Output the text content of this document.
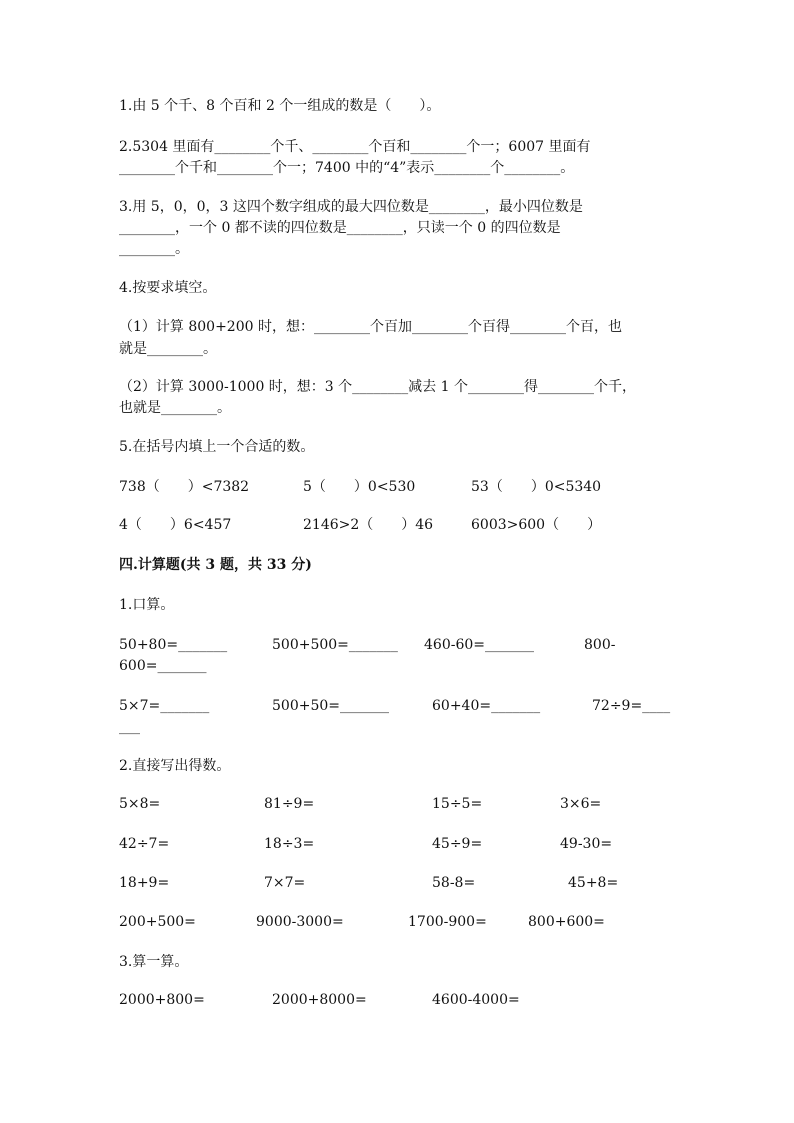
1.由 5 个千、8 个百和 2 个一组成的数是（　　）。
2.5304 里面有________个千、________个百和________个一；6007 里面有
________个千和________个一；7400 中的“4”表示________个________。
3.用 5，0，0，3 这四个数字组成的最大四位数是________，最小四位数是
________，一个 0 都不读的四位数是________，只读一个 0 的四位数是
________。
4.按要求填空。
（1）计算 800+200 时，想：________个百加________个百得________个百，也
就是________。
（2）计算 3000-1000 时，想：3 个________减去 1 个________得________个千，
也就是________。
5.在括号内填上一个合适的数。
738（　　）<7382	5（　　）0<530	53（　　）0<5340
4（　　）6<457	2146>2（　　）46	6003>600（　　）
四.计算题(共 3 题，共 33 分)
1.口算。
50+80=_______	500+500=_______ 460-60=_______	800-
600=_______
5×7=_______	500+50=_______	60+40=_______	72÷9=____
___
2.直接写出得数。
5×8=	81÷9=	15÷5=	3×6=
42÷7=	18÷3=	45÷9=	49-30=
18+9=	7×7=	58-8=	45+8=
200+500=	9000-3000=	1700-900=	800+600=
3.算一算。
2000+800=	2000+8000=	4600-4000=
